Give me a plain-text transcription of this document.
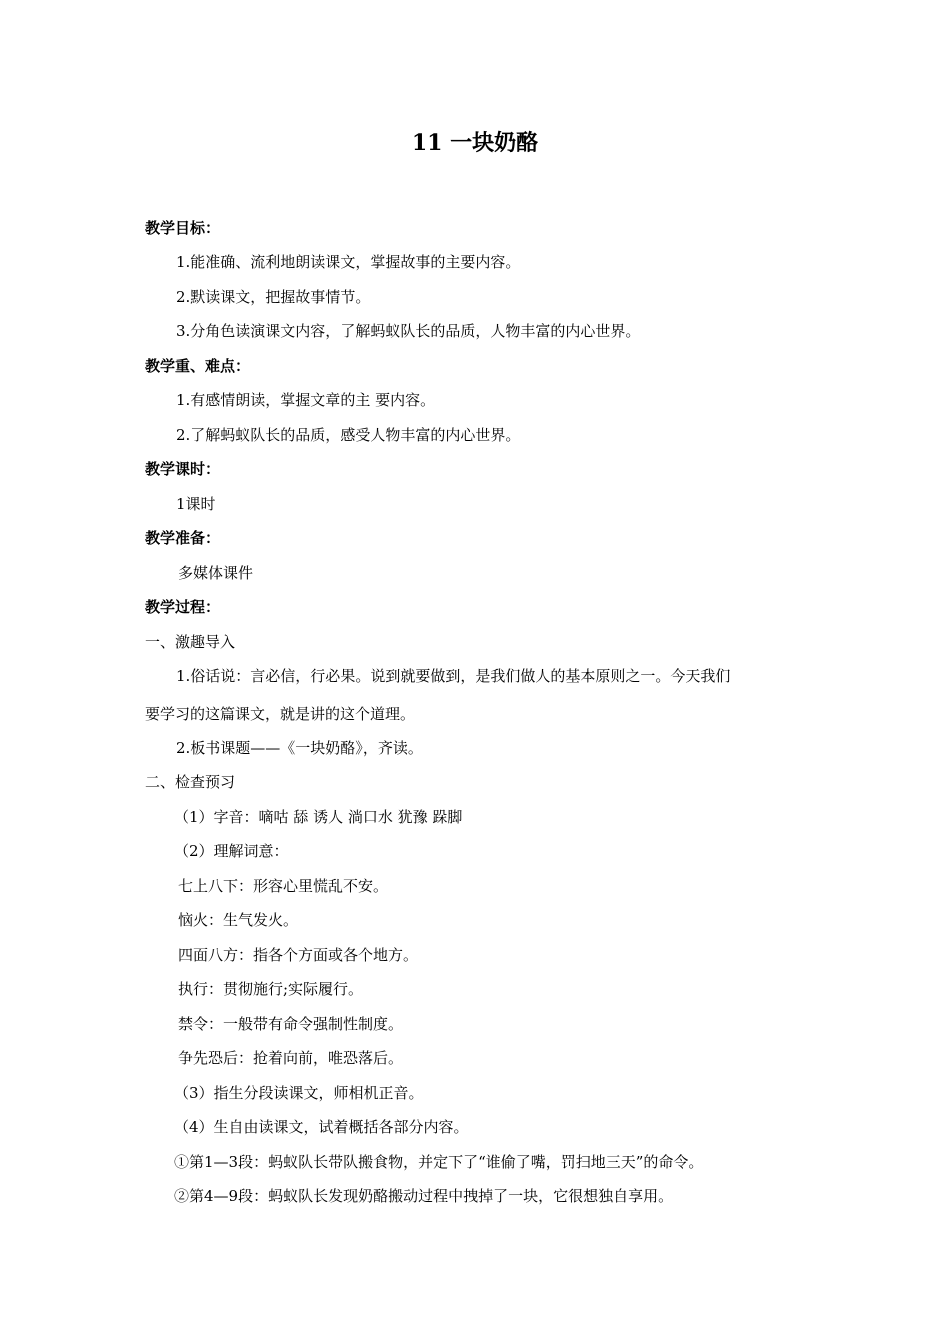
11 一块奶酪
教学目标：
1.能准确、流利地朗读课文，掌握故事的主要内容。
2.默读课文，把握故事情节。
3.分角色读演课文内容，了解蚂蚁队长的品质，人物丰富的内心世界。
教学重、难点：
1.有感情朗读，掌握文章的主 要内容。
2.了解蚂蚁队长的品质，感受人物丰富的内心世界。
教学课时：
1课时
教学准备：
多媒体课件
教学过程：
一、激趣导入
1.俗话说：言必信，行必果。说到就要做到，是我们做人的基本原则之一。今天我们
要学习的这篇课文，就是讲的这个道理。
2.板书课题——《一块奶酪》，齐读。
二、检查预习
（1）字音：嘀咕 舔 诱人 淌口水 犹豫 跺脚
（2）理解词意：
七上八下：形容心里慌乱不安。
恼火：生气发火。
四面八方：指各个方面或各个地方。
执行：贯彻施行;实际履行。
禁令：一般带有命令强制性制度。
争先恐后：抢着向前，唯恐落后。
（3）指生分段读课文，师相机正音。
（4）生自由读课文，试着概括各部分内容。
①第1—3段：蚂蚁队长带队搬食物，并定下了“谁偷了嘴，罚扫地三天”的命令。
②第4—9段：蚂蚁队长发现奶酪搬动过程中拽掉了一块，它很想独自享用。
